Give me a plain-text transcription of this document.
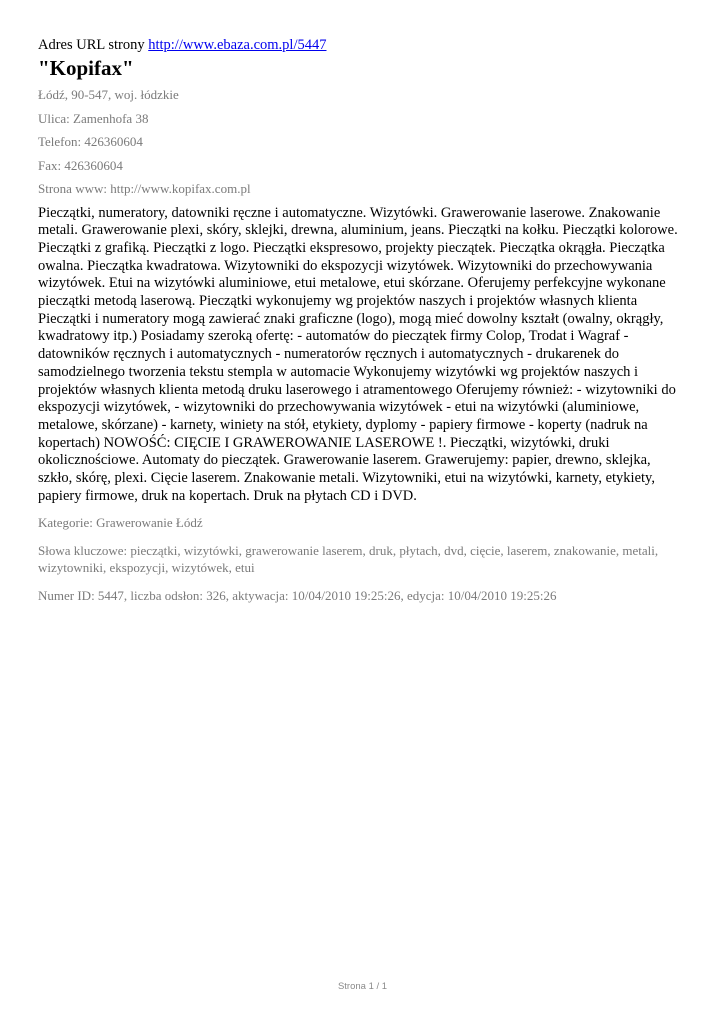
Adres URL strony http://www.ebaza.com.pl/5447

"Kopifax"

Łódź, 90-547, woj. łódzkie

Ulica: Zamenhofa 38

Telefon: 426360604

Fax: 426360604

Strona www: http://www.kopifax.com.pl

Pieczątki, numeratory, datowniki ręczne i automatyczne. Wizytówki. Grawerowanie laserowe. Znakowanie metali. Grawerowanie plexi, skóry, sklejki, drewna, aluminium, jeans. Pieczątki na kołku. Pieczątki kolorowe. Pieczątki z grafiką. Pieczątki z logo. Pieczątki ekspresowo, projekty pieczątek. Pieczątka okrągła. Pieczątka owalna. Pieczątka kwadratowa. Wizytowniki do ekspozycji wizytówek. Wizytowniki do przechowywania wizytówek. Etui na wizytówki aluminiowe, etui metalowe, etui skórzane. Oferujemy perfekcyjne wykonane pieczątki metodą laserową. Pieczątki wykonujemy wg projektów naszych i projektów własnych klienta Pieczątki i numeratory mogą zawierać znaki graficzne (logo), mogą mieć dowolny kształt (owalny, okrągły, kwadratowy itp.) Posiadamy szeroką ofertę: - automatów do pieczątek firmy Colop, Trodat i Wagraf - datowników ręcznych i automatycznych - numeratorów ręcznych i automatycznych - drukarenek do samodzielnego tworzenia tekstu stempla w automacie Wykonujemy wizytówki wg projektów naszych i projektów własnych klienta metodą druku laserowego i atramentowego Oferujemy również: - wizytowniki do ekspozycji wizytówek, - wizytowniki do przechowywania wizytówek - etui na wizytówki (aluminiowe, metalowe, skórzane) - karnety, winiety na stół, etykiety, dyplomy - papiery firmowe - koperty (nadruk na kopertach) NOWOŚĆ: CIĘCIE I GRAWEROWANIE LASEROWE !. Pieczątki, wizytówki, druki okolicznościowe. Automaty do pieczątek. Grawerowanie laserem. Grawerujemy: papier, drewno, sklejka, szkło, skórę, plexi. Cięcie laserem. Znakowanie metali. Wizytowniki, etui na wizytówki, karnety, etykiety, papiery firmowe, druk na kopertach. Druk na płytach CD i DVD.

Kategorie: Grawerowanie Łódź

Słowa kluczowe: pieczątki, wizytówki, grawerowanie laserem, druk, płytach, dvd, cięcie, laserem, znakowanie, metali, wizytowniki, ekspozycji, wizytówek, etui

Numer ID: 5447, liczba odsłon: 326, aktywacja: 10/04/2010 19:25:26, edycja: 10/04/2010 19:25:26

Strona 1 / 1
